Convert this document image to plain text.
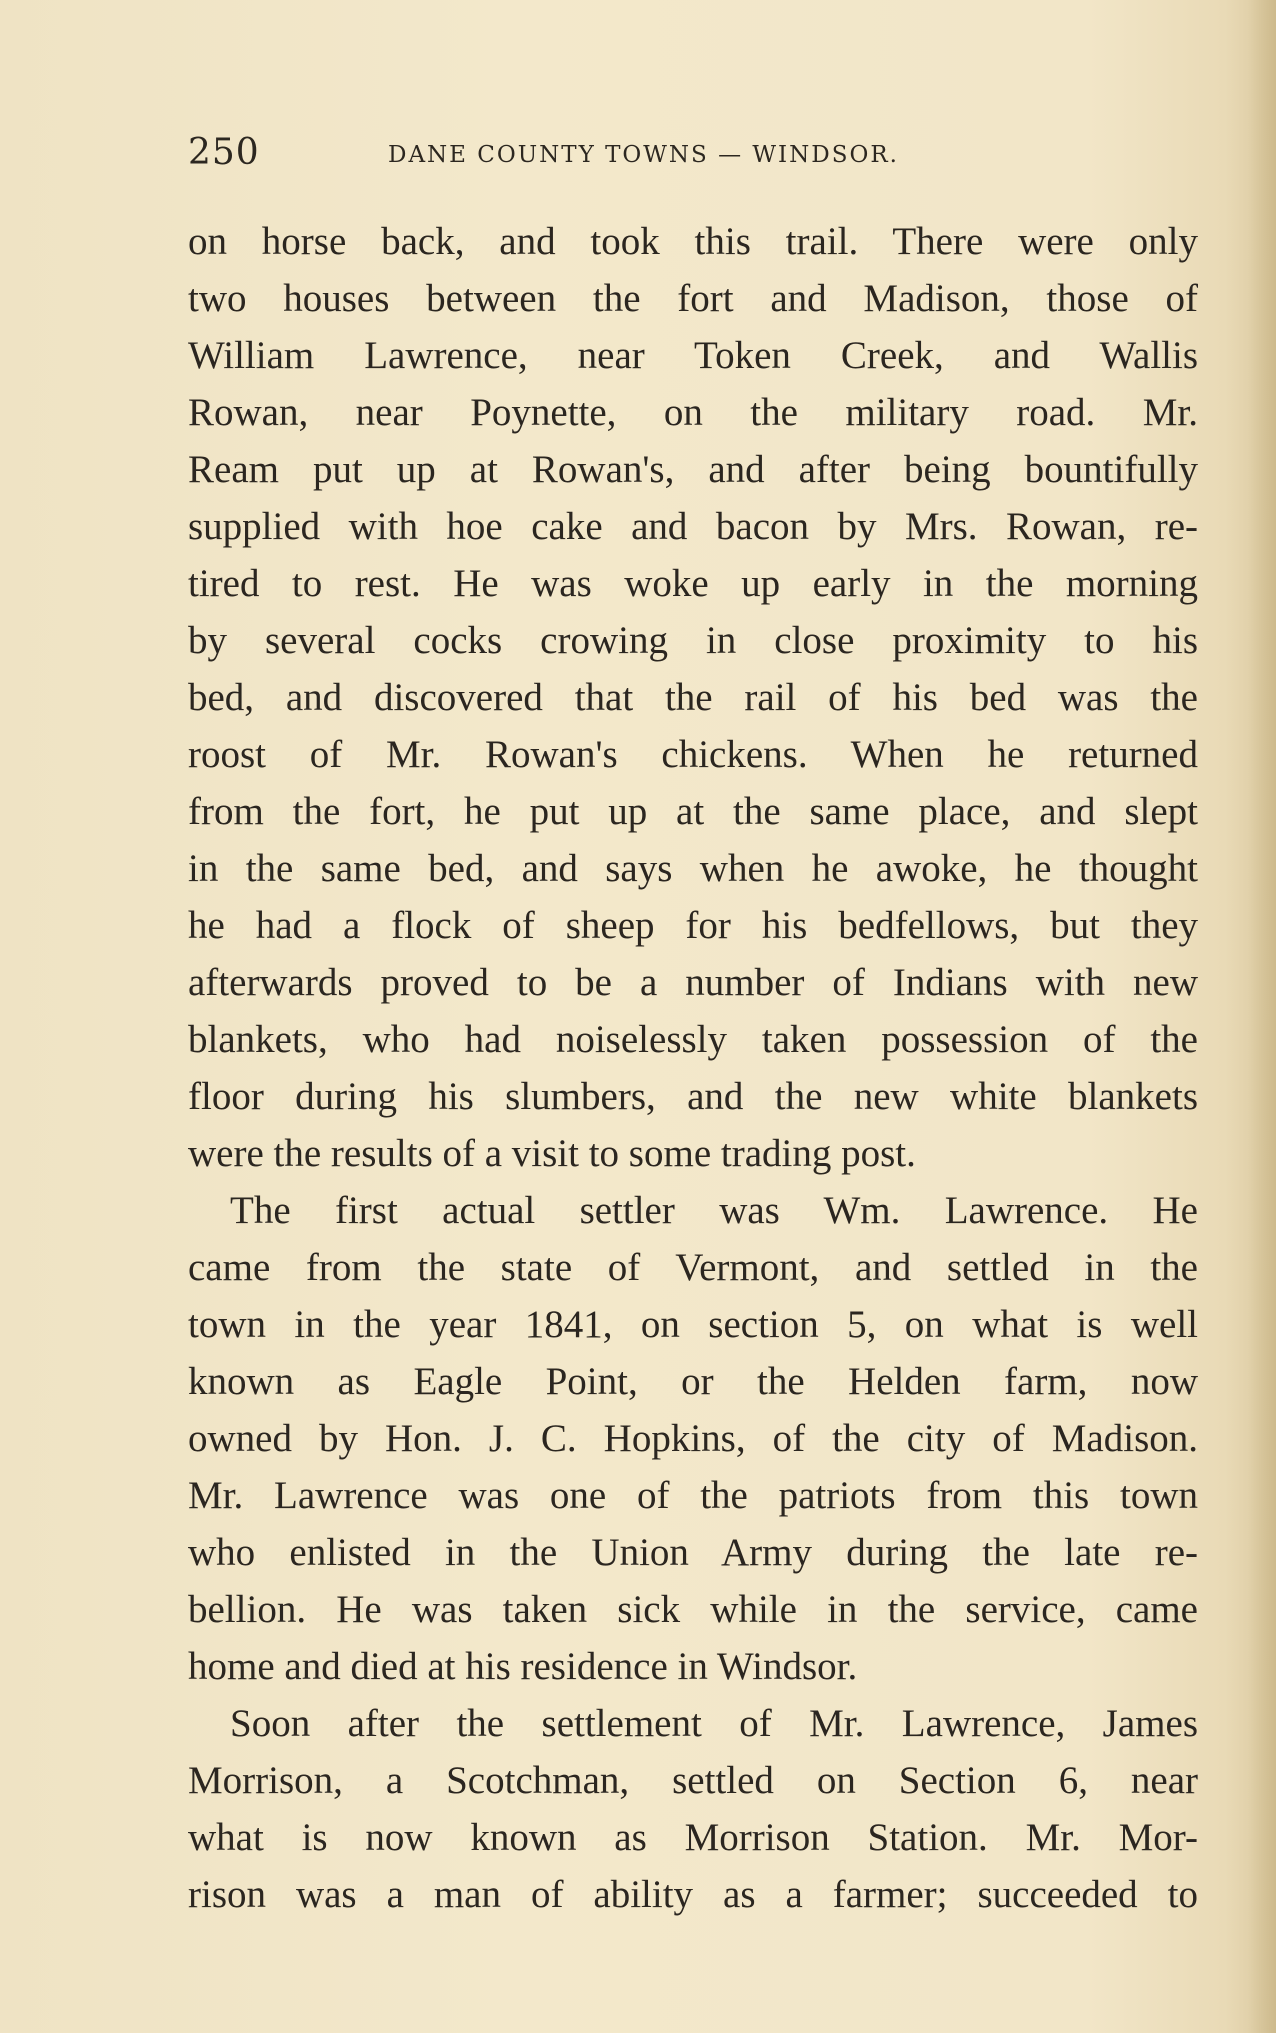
250	DANE COUNTY TOWNS — WINDSOR.
on horse back, and took this trail. There were only
two houses between the fort and Madison, those of
William Lawrence, near Token Creek, and Wallis
Rowan, near Poynette, on the military road. Mr.
Ream put up at Rowan's, and after being bountifully
supplied with hoe cake and bacon by Mrs. Rowan, re-
tired to rest. He was woke up early in the morning
by several cocks crowing in close proximity to his
bed, and discovered that the rail of his bed was the
roost of Mr. Rowan's chickens. When he returned
from the fort, he put up at the same place, and slept
in the same bed, and says when he awoke, he thought
he had a flock of sheep for his bedfellows, but they
afterwards proved to be a number of Indians with new
blankets, who had noiselessly taken possession of the
floor during his slumbers, and the new white blankets
were the results of a visit to some trading post.
The first actual settler was Wm. Lawrence. He
came from the state of Vermont, and settled in the
town in the year 1841, on section 5, on what is well
known as Eagle Point, or the Helden farm, now
owned by Hon. J. C. Hopkins, of the city of Madison.
Mr. Lawrence was one of the patriots from this town
who enlisted in the Union Army during the late re-
bellion. He was taken sick while in the service, came
home and died at his residence in Windsor.
Soon after the settlement of Mr. Lawrence, James
Morrison, a Scotchman, settled on Section 6, near
what is now known as Morrison Station. Mr. Mor-
rison was a man of ability as a farmer; succeeded to
